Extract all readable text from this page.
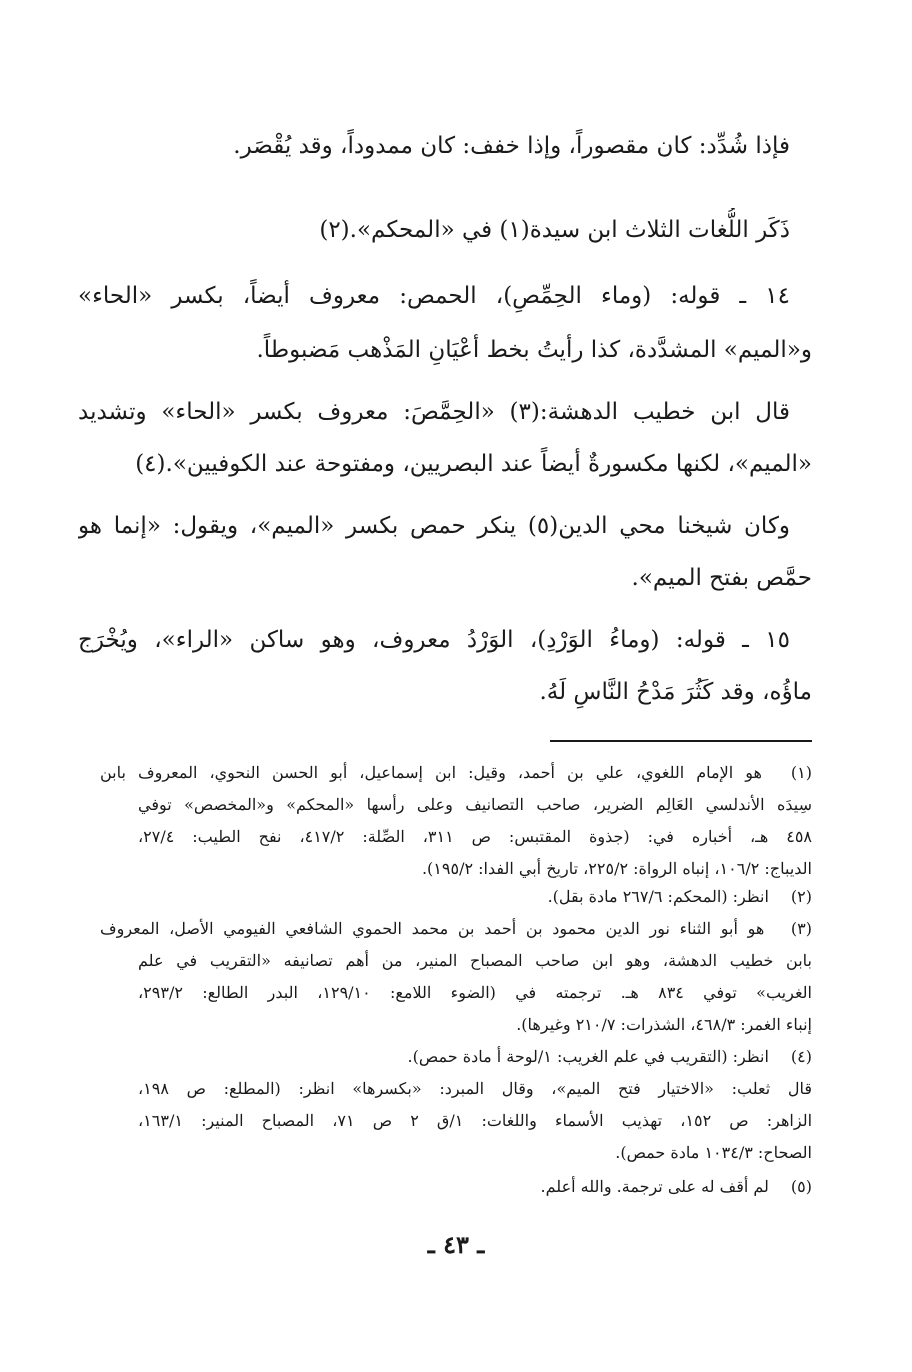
فإذا شُدِّد: كان مقصوراً، وإذا خفف: كان ممدوداً، وقد يُقْصَر.
ذَكَر اللُّغات الثلاث ابن سيدة(١) في «المحكم».(٢)
١٤ ـ قوله: (وماء الحِمِّصِ)، الحمص: معروف أيضاً، بكسر «الحاء»
و«الميم» المشدَّدة، كذا رأيتُ بخط أعْيَانِ المَذْهب مَضبوطاً.
قال ابن خطيب الدهشة:(٣) «الحِمَّصَ: معروف بكسر «الحاء» وتشديد
«الميم»، لكنها مكسورةٌ أيضاً عند البصريين، ومفتوحة عند الكوفيين».(٤)
وكان شيخنا محي الدين(٥) ينكر حمص بكسر «الميم»، ويقول: «إنما هو
حمَّص بفتح الميم».
١٥ ـ قوله: (وماءُ الوَرْدِ)، الوَرْدُ معروف، وهو ساكن «الراء»، ويُخْرَج
ماؤُه، وقد كَثُرَ مَدْحُ النَّاسِ لَهُ.
(١) هو الإمام اللغوي، علي بن أحمد، وقيل: ابن إسماعيل، أبو الحسن النحوي، المعروف بابن
سِيدَه الأندلسي العَالِم الضرير، صاحب التصانيف وعلى رأسها «المحكم» و«المخصص» توفي
٤٥٨ هـ، أخباره في: (جذوة المقتبس: ص ٣١١، الصِّلة: ٤١٧/٢، نفح الطيب: ٢٧/٤،
الديباج: ١٠٦/٢، إنباه الرواة: ٢٢٥/٢، تاريخ أبي الفدا: ١٩٥/٢).
(٢) انظر: (المحكم: ٢٦٧/٦ مادة بقل).
(٣) هو أبو الثناء نور الدين محمود بن أحمد بن محمد الحموي الشافعي الفيومي الأصل، المعروف
بابن خطيب الدهشة، وهو ابن صاحب المصباح المنير، من أهم تصانيفه «التقريب في علم
الغريب» توفي ٨٣٤ هـ. ترجمته في (الضوء اللامع: ١٢٩/١٠، البدر الطالع: ٢٩٣/٢،
إنباء الغمر: ٤٦٨/٣، الشذرات: ٢١٠/٧ وغيرها).
(٤) انظر: (التقريب في علم الغريب: ١/لوحة أ مادة حمص).
قال ثعلب: «الاختيار فتح الميم»، وقال المبرد: «بكسرها» انظر: (المطلع: ص ١٩٨،
الزاهر: ص ١٥٢، تهذيب الأسماء واللغات: ١/ق ٢ ص ٧١، المصباح المنير: ١٦٣/١،
الصحاح: ١٠٣٤/٣ مادة حمص).
(٥) لم أقف له على ترجمة. والله أعلم.
ـ ٤٣ ـ
